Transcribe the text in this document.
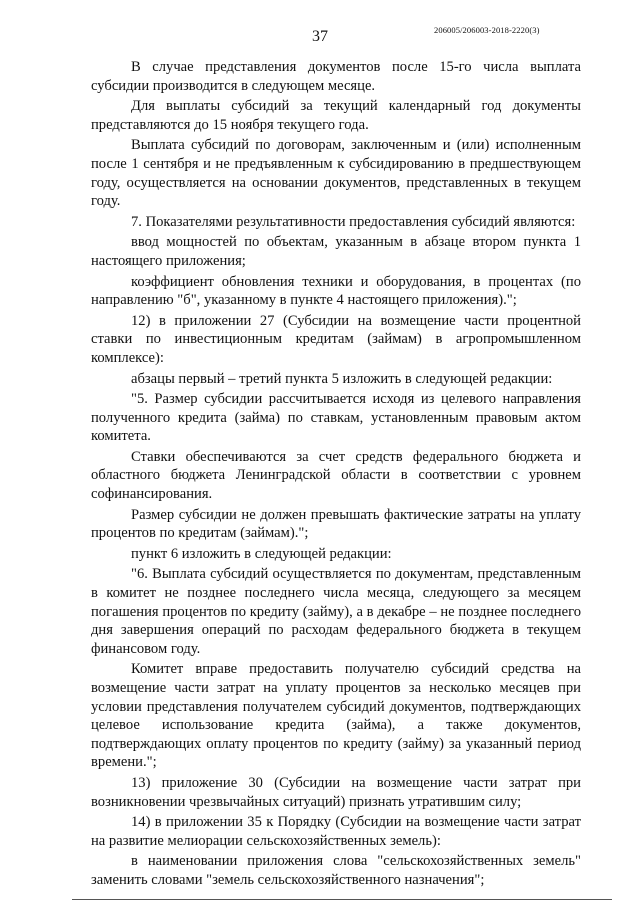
37	206005/206003-2018-2220(3)

В случае представления документов после 15-го числа выплата субсидии производится в следующем месяце.

Для выплаты субсидий за текущий календарный год документы представляются до 15 ноября текущего года.

Выплата субсидий по договорам, заключенным и (или) исполненным после 1 сентября и не предъявленным к субсидированию в предшествующем году, осуществляется на основании документов, представленных в текущем году.

7. Показателями результативности предоставления субсидий являются:

ввод мощностей по объектам, указанным в абзаце втором пункта 1 настоящего приложения;

коэффициент обновления техники и оборудования, в процентах (по направлению "б", указанному в пункте 4 настоящего приложения).";

12) в приложении 27 (Субсидии на возмещение части процентной ставки по инвестиционным кредитам (займам) в агропромышленном комплексе):

абзацы первый – третий пункта 5 изложить в следующей редакции:

"5. Размер субсидии рассчитывается исходя из целевого направления полученного кредита (займа) по ставкам, установленным правовым актом комитета.

Ставки обеспечиваются за счет средств федерального бюджета и областного бюджета Ленинградской области в соответствии с уровнем софинансирования.

Размер субсидии не должен превышать фактические затраты на уплату процентов по кредитам (займам).";

пункт 6 изложить в следующей редакции:

"6. Выплата субсидий осуществляется по документам, представленным в комитет не позднее последнего числа месяца, следующего за месяцем погашения процентов по кредиту (займу), а в декабре – не позднее последнего дня завершения операций по расходам федерального бюджета в текущем финансовом году.

Комитет вправе предоставить получателю субсидий средства на возмещение части затрат на уплату процентов за несколько месяцев при условии представления получателем субсидий документов, подтверждающих целевое использование кредита (займа), а также документов, подтверждающих оплату процентов по кредиту (займу) за указанный период времени.";

13) приложение 30 (Субсидии на возмещение части затрат при возникновении чрезвычайных ситуаций) признать утратившим силу;

14) в приложении 35 к Порядку (Субсидии на возмещение части затрат на развитие мелиорации сельскохозяйственных земель):

в наименовании приложения слова "сельскохозяйственных земель" заменить словами "земель сельскохозяйственного назначения";
